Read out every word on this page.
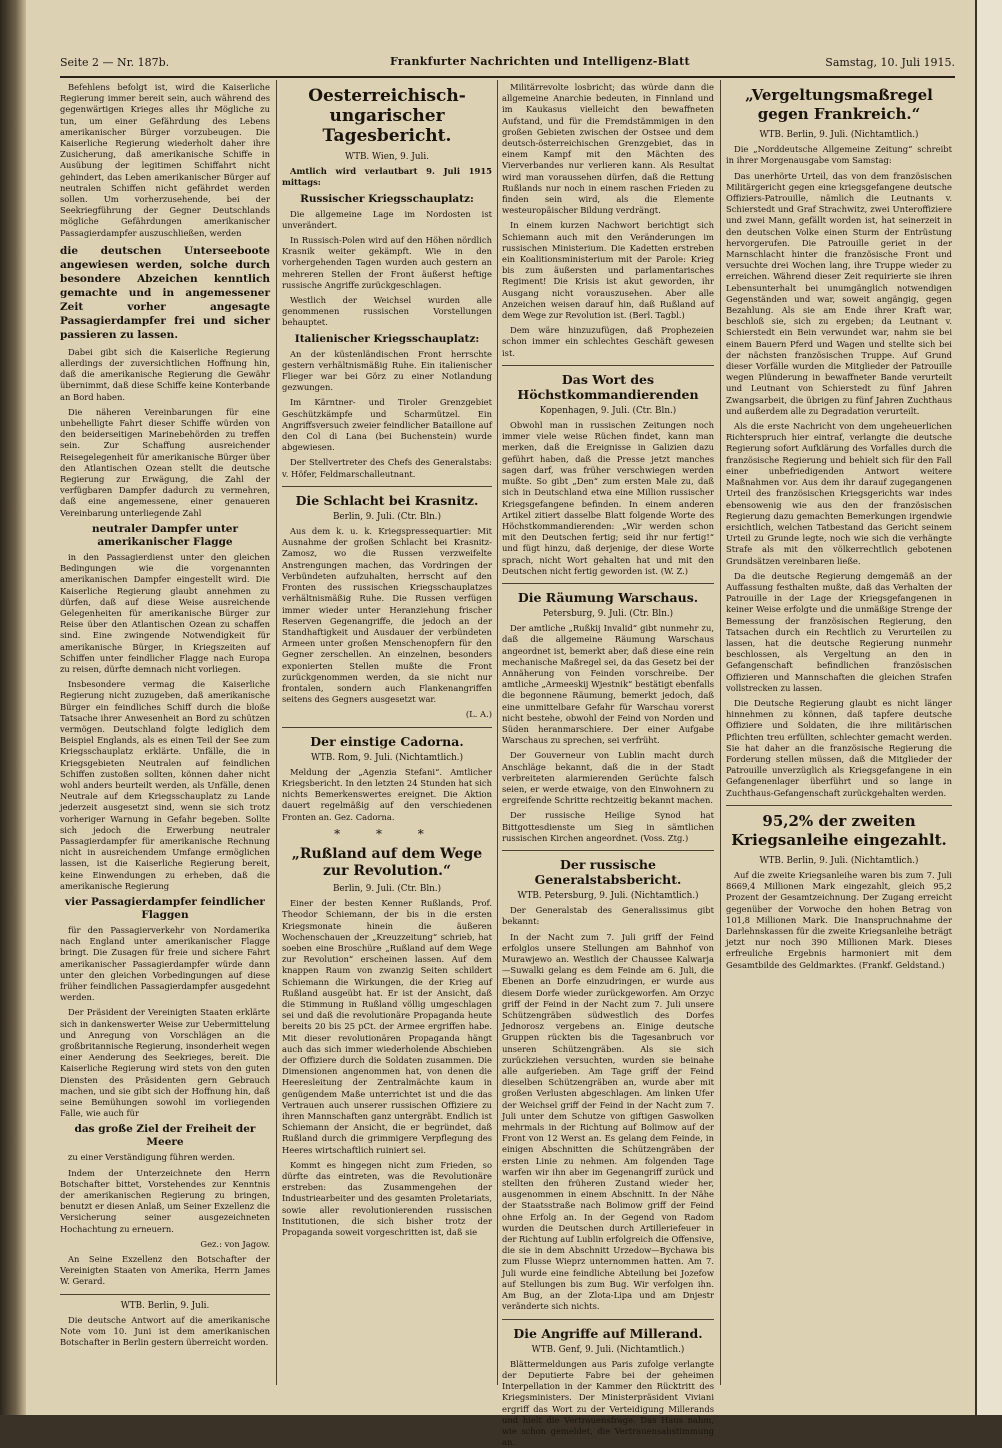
Seite 2 — Nr. 187b.	Frankfurter Nachrichten und Intelligenz-Blatt	Samstag, 10. Juli 1915.

Befehlens befolgt ist, wird die Kaiserliche Regierung immer bereit sein, auch während des gegenwärtigen Krieges alles ihr Mögliche zu tun, um einer Gefährdung des Lebens amerikanischer Bürger vorzubeugen. Die Kaiserliche Regierung wiederholt daher ihre Zusicherung, daß amerikanische Schiffe in Ausübung der legitimen Schiffahrt nicht gehindert, das Leben amerikanischer Bürger auf neutralen Schiffen nicht gefährdet werden sollen. Um vorherzusehende, bei der Seekriegführung der Gegner Deutschlands mögliche Gefährdungen amerikanischer Passagierdampfer auszuschließen, werden

die deutschen Unterseeboote angewiesen werden, solche durch besondere Abzeichen kenntlich gemachte und in angemessener Zeit vorher angesagte Passagierdampfer frei und sicher passieren zu lassen.

Dabei gibt sich die Kaiserliche Regierung allerdings der zuversichtlichen Hoffnung hin, daß die amerikanische Regierung die Gewähr übernimmt, daß diese Schiffe keine Konterbande an Bord haben.

Die näheren Vereinbarungen für eine unbehelligte Fahrt dieser Schiffe würden von den beiderseitigen Marinebehörden zu treffen sein. Zur Schaffung ausreichender Reisegelegenheit für amerikanische Bürger über den Atlantischen Ozean stellt die deutsche Regierung zur Erwägung, die Zahl der verfügbaren Dampfer dadurch zu vermehren, daß eine angemessene, einer genaueren Vereinbarung unterliegende Zahl

neutraler Dampfer unter amerikanischer Flagge

in den Passagierdienst unter den gleichen Bedingungen wie die vorgenannten amerikanischen Dampfer eingestellt wird. Die Kaiserliche Regierung glaubt annehmen zu dürfen, daß auf diese Weise ausreichende Gelegenheiten für amerikanische Bürger zur Reise über den Atlantischen Ozean zu schaffen sind. Eine zwingende Notwendigkeit für amerikanische Bürger, in Kriegszeiten auf Schiffen unter feindlicher Flagge nach Europa zu reisen, dürfte demnach nicht vorliegen.

Insbesondere vermag die Kaiserliche Regierung nicht zuzugeben, daß amerikanische Bürger ein feindliches Schiff durch die bloße Tatsache ihrer Anwesenheit an Bord zu schützen vermögen. Deutschland folgte lediglich dem Beispiel Englands, als es einen Teil der See zum Kriegsschauplatz erklärte. Unfälle, die in Kriegsgebieten Neutralen auf feindlichen Schiffen zustoßen sollten, können daher nicht wohl anders beurteilt werden, als Unfälle, denen Neutrale auf dem Kriegsschauplatz zu Lande jederzeit ausgesetzt sind, wenn sie sich trotz vorheriger Warnung in Gefahr begeben. Sollte sich jedoch die Erwerbung neutraler Passagierdampfer für amerikanische Rechnung nicht in ausreichendem Umfange ermöglichen lassen, ist die Kaiserliche Regierung bereit, keine Einwendungen zu erheben, daß die amerikanische Regierung

vier Passagierdampfer feindlicher Flaggen

für den Passagierverkehr von Nordamerika nach England unter amerikanischer Flagge bringt. Die Zusagen für freie und sichere Fahrt amerikanischer Passagierdampfer würde dann unter den gleichen Vorbedingungen auf diese früher feindlichen Passagierdampfer ausgedehnt werden.

Der Präsident der Vereinigten Staaten erklärte sich in dankenswerter Weise zur Uebermittelung und Anregung von Vorschlägen an die großbritannische Regierung, insonderheit wegen einer Aenderung des Seekrieges, bereit. Die Kaiserliche Regierung wird stets von den guten Diensten des Präsidenten gern Gebrauch machen, und sie gibt sich der Hoffnung hin, daß seine Bemühungen sowohl im vorliegenden Falle, wie auch für

das große Ziel der Freiheit der Meere

zu einer Verständigung führen werden.

Indem der Unterzeichnete den Herrn Botschafter bittet, Vorstehendes zur Kenntnis der amerikanischen Regierung zu bringen, benutzt er diesen Anlaß, um Seiner Exzellenz die Versicherung seiner ausgezeichneten Hochachtung zu erneuern.

Gez.: von Jagow.

An Seine Exzellenz den Botschafter der Vereinigten Staaten von Amerika, Herrn James W. Gerard.

WTB. Berlin, 9. Juli.

Die deutsche Antwort auf die amerikanische Note vom 10. Juni ist dem amerikanischen Botschafter in Berlin gestern überreicht worden.

Oesterreichisch-ungarischer Tagesbericht.
WTB. Wien, 9. Juli.

Amtlich wird verlautbart 9. Juli 1915 mittags:

Russischer Kriegsschauplatz:

Die allgemeine Lage im Nordosten ist unverändert.

In Russisch-Polen wird auf den Höhen nördlich Krasnik weiter gekämpft. Wie in den vorhergehenden Tagen wurden auch gestern an mehreren Stellen der Front äußerst heftige russische Angriffe zurückgeschlagen.

Westlich der Weichsel wurden alle genommenen russischen Vorstellungen behauptet.

Italienischer Kriegsschauplatz:

An der küstenländischen Front herrschte gestern verhältnismäßig Ruhe. Ein italienischer Flieger war bei Görz zu einer Notlandung gezwungen.

Im Kärntner- und Tiroler Grenzgebiet Geschützkämpfe und Scharmützel. Ein Angriffsversuch zweier feindlicher Bataillone auf den Col di Lana (bei Buchenstein) wurde abgewiesen.

Der Stellvertreter des Chefs des Generalstabs: v. Höfer, Feldmarschalleutnant.

Die Schlacht bei Krasnitz.
Berlin, 9. Juli. (Ctr. Bln.)

Aus dem k. u. k. Kriegspressequartier: Mit Ausnahme der großen Schlacht bei Krasnitz-Zamosz, wo die Russen verzweifelte Anstrengungen machen, das Vordringen der Verbündeten aufzuhalten, herrscht auf den Fronten des russischen Kriegsschauplatzes verhältnismäßig Ruhe. Die Russen verfügen immer wieder unter Heranziehung frischer Reserven Gegenangriffe, die jedoch an der Standhaftigkeit und Ausdauer der verbündeten Armeen unter großen Menschenopfern für den Gegner zerschellen. An einzelnen, besonders exponierten Stellen mußte die Front zurückgenommen werden, da sie nicht nur frontalen, sondern auch Flankenangriffen seitens des Gegners ausgesetzt war.

(L. A.)
Der einstige Cadorna.
WTB. Rom, 9. Juli. (Nichtamtlich.)

Meldung der „Agenzia Stefani“. Amtlicher Kriegsbericht. In den letzten 24 Stunden hat sich nichts Bemerkenswertes ereignet. Die Aktion dauert regelmäßig auf den verschiedenen Fronten an. Gez. Cadorna.

* * *
„Rußland auf dem Wege zur Revolution.“
Berlin, 9. Juli. (Ctr. Bln.)

Einer der besten Kenner Rußlands, Prof. Theodor Schiemann, der bis in die ersten Kriegsmonate hinein die äußeren Wochenschauen der „Kreuzzeitung“ schrieb, hat soeben eine Broschüre „Rußland auf dem Wege zur Revolution“ erscheinen lassen. Auf dem knappen Raum von zwanzig Seiten schildert Schiemann die Wirkungen, die der Krieg auf Rußland ausgeübt hat. Er ist der Ansicht, daß die Stimmung in Rußland völlig umgeschlagen sei und daß die revolutionäre Propaganda heute bereits 20 bis 25 pCt. der Armee ergriffen habe. Mit dieser revolutionären Propaganda hängt auch das sich immer wiederholende Abschieben der Offiziere durch die Soldaten zusammen. Die Dimensionen angenommen hat, von denen die Heeresleitung der Zentralmächte kaum in genügendem Maße unterrichtet ist und die das Vertrauen auch unserer russischen Offiziere zu ihren Mannschaften ganz untergräbt. Endlich ist Schiemann der Ansicht, die er begründet, daß Rußland durch die grimmigere Verpflegung des Heeres wirtschaftlich ruiniert sei.

Kommt es hingegen nicht zum Frieden, so dürfte das eintreten, was die Revolutionäre erstreben: das Zusammengehen der Industriearbeiter und des gesamten Proletariats, sowie aller revolutionierenden russischen Institutionen, die sich bisher trotz der Propaganda soweit vorgeschritten ist, daß sie

Militärrevolte losbricht; das würde dann die allgemeine Anarchie bedeuten, in Finnland und im Kaukasus vielleicht den bewaffneten Aufstand, und für die Fremdstämmigen in den großen Gebieten zwischen der Ostsee und dem deutsch-österreichischen Grenzgebiet, das in einem Kampf mit den Mächten des Vierverbandes nur verlieren kann. Als Resultat wird man voraussehen dürfen, daß die Rettung Rußlands nur noch in einem raschen Frieden zu finden sein wird, als die Elemente westeuropäischer Bildung verdrängt.

In einem kurzen Nachwort berichtigt sich Schiemann auch mit den Veränderungen im russischen Ministerium. Die Kadetten erstreben ein Koalitionsministerium mit der Parole: Krieg bis zum äußersten und parlamentarisches Regiment! Die Krisis ist akut geworden, ihr Ausgang nicht vorauszusehen. Aber alle Anzeichen weisen darauf hin, daß Rußland auf dem Wege zur Revolution ist. (Berl. Tagbl.)

Dem wäre hinzuzufügen, daß Prophezeien schon immer ein schlechtes Geschäft gewesen ist.

Das Wort des Höchstkommandierenden
Kopenhagen, 9. Juli. (Ctr. Bln.)

Obwohl man in russischen Zeitungen noch immer viele weise Rüchen findet, kann man merken, daß die Ereignisse in Galizien dazu geführt haben, daß die Presse jetzt manches sagen darf, was früher verschwiegen werden mußte. So gibt „Den“ zum ersten Male zu, daß sich in Deutschland etwa eine Million russischer Kriegsgefangene befinden. In einem anderen Artikel zitiert dasselbe Blatt folgende Worte des Höchstkommandierenden: „Wir werden schon mit den Deutschen fertig; seid ihr nur fertig!“ und fügt hinzu, daß derjenige, der diese Worte sprach, nicht Wort gehalten hat und mit den Deutschen nicht fertig geworden ist. (W. Z.)

Die Räumung Warschaus.
Petersburg, 9. Juli. (Ctr. Bln.)

Der amtliche „Rußkij Invalid“ gibt nunmehr zu, daß die allgemeine Räumung Warschaus angeordnet ist, bemerkt aber, daß diese eine rein mechanische Maßregel sei, da das Gesetz bei der Annäherung von Feinden vorschreibe. Der amtliche „Armeeskij Wjestnik“ bestätigt ebenfalls die begonnene Räumung, bemerkt jedoch, daß eine unmittelbare Gefahr für Warschau vorerst nicht bestehe, obwohl der Feind von Norden und Süden heranmarschiere. Der einer Aufgabe Warschaus zu sprechen, sei verfrüht.

Der Gouverneur von Lublin macht durch Anschläge bekannt, daß die in der Stadt verbreiteten alarmierenden Gerüchte falsch seien, er werde etwaige, von den Einwohnern zu ergreifende Schritte rechtzeitig bekannt machen.

Der russische Heilige Synod hat Bittgottesdienste um Sieg in sämtlichen russischen Kirchen angeordnet. (Voss. Ztg.)

Der russische Generalstabsbericht.
WTB. Petersburg, 9. Juli. (Nichtamtlich.)

Der Generalstab des Generalissimus gibt bekannt:

In der Nacht zum 7. Juli griff der Feind erfolglos unsere Stellungen am Bahnhof von Murawjewo an. Westlich der Chaussee Kalwarja—Suwalki gelang es dem Feinde am 6. Juli, die Ebenen an Dorfe einzudringen, er wurde aus diesem Dorfe wieder zurückgeworfen. Am Orzyc griff der Feind in der Nacht zum 7. Juli unsere Schützengräben südwestlich des Dorfes Jednorosz vergebens an. Einige deutsche Gruppen rückten bis die Tagesanbruch vor unseren Schützengräben. Als sie sich zurückziehen versuchten, wurden sie beinahe alle aufgerieben. Am Tage griff der Feind dieselben Schützengräben an, wurde aber mit großen Verlusten abgeschlagen. Am linken Ufer der Weichsel griff der Feind in der Nacht zum 7. Juli unter dem Schutze von giftigen Gaswolken mehrmals in der Richtung auf Bolimow auf der Front von 12 Werst an. Es gelang dem Feinde, in einigen Abschnitten die Schützengräben der ersten Linie zu nehmen. Am folgenden Tage warfen wir ihn aber im Gegenangriff zurück und stellten den früheren Zustand wieder her, ausgenommen in einem Abschnitt. In der Nähe der Staatsstraße nach Bolimow griff der Feind ohne Erfolg an. In der Gegend von Radom wurden die Deutschen durch Artilleriefeuer in der Richtung auf Lublin erfolgreich die Offensive, die sie in dem Abschnitt Urzedow—Bychawa bis zum Flusse Wieprz unternommen hatten. Am 7. Juli wurde eine feindliche Abteilung bei Jozefow auf Stellungen bis zum Bug. Wir verfolgen ihn. Am Bug, an der Zlota-Lipa und am Dnjestr veränderte sich nichts.

Die Angriffe auf Millerand.
WTB. Genf, 9. Juli. (Nichtamtlich.)

Blättermeldungen aus Paris zufolge verlangte der Deputierte Fabre bei der geheimen Interpellation in der Kammer den Rücktritt des Kriegsministers. Der Ministerpräsident Viviani ergriff das Wort zu der Verteidigung Millerands und hielt die Vertrauensfrage. Das Haus nahm, wie schon gemeldet, die Vertrauensabstimmung an.

„Vergeltungsmaßregel gegen Frankreich.“
WTB. Berlin, 9. Juli. (Nichtamtlich.)

Die „Norddeutsche Allgemeine Zeitung“ schreibt in ihrer Morgenausgabe vom Samstag:

Das unerhörte Urteil, das von dem französischen Militärgericht gegen eine kriegsgefangene deutsche Offiziers-Patrouille, nämlich die Leutnants v. Schierstedt und Graf Strachwitz, zwei Unteroffiziere und zwei Mann, gefällt worden ist, hat seinerzeit in den deutschen Volke einen Sturm der Entrüstung hervorgerufen. Die Patrouille geriet in der Marnschlacht hinter die französische Front und versuchte drei Wochen lang, ihre Truppe wieder zu erreichen. Während dieser Zeit requirierte sie ihren Lebensunterhalt bei unumgänglich notwendigen Gegenständen und war, soweit angängig, gegen Bezahlung. Als sie am Ende ihrer Kraft war, beschloß sie, sich zu ergeben; da Leutnant v. Schierstedt ein Bein verwundet war, nahm sie bei einem Bauern Pferd und Wagen und stellte sich bei der nächsten französischen Truppe. Auf Grund dieser Vorfälle wurden die Mitglieder der Patrouille wegen Plünderung in bewaffneter Bande verurteilt und Leutnant von Schierstedt zu fünf Jahren Zwangsarbeit, die übrigen zu fünf Jahren Zuchthaus und außerdem alle zu Degradation verurteilt.

Als die erste Nachricht von dem ungeheuerlichen Richterspruch hier eintraf, verlangte die deutsche Regierung sofort Aufklärung des Vorfalles durch die französische Regierung und behielt sich für den Fall einer unbefriedigenden Antwort weitere Maßnahmen vor. Aus dem ihr darauf zugegangenen Urteil des französischen Kriegsgerichts war indes ebensowenig wie aus den der französischen Regierung dazu gemachten Bemerkungen irgendwie ersichtlich, welchen Tatbestand das Gericht seinem Urteil zu Grunde legte, noch wie sich die verhängte Strafe als mit den völkerrechtlich gebotenen Grundsätzen vereinbaren ließe.

Da die deutsche Regierung demgemäß an der Auffassung festhalten mußte, daß das Verhalten der Patrouille in der Lage der Kriegsgefangenen in keiner Weise erfolgte und die unmäßige Strenge der Bemessung der französischen Regierung, den Tatsachen durch ein Rechtlich zu Verurteilen zu lassen, hat die deutsche Regierung nunmehr beschlossen, als Vergeltung an den in Gefangenschaft befindlichen französischen Offizieren und Mannschaften die gleichen Strafen vollstrecken zu lassen.

Die Deutsche Regierung glaubt es nicht länger hinnehmen zu können, daß tapfere deutsche Offiziere und Soldaten, die ihre militärischen Pflichten treu erfüllten, schlechter gemacht werden. Sie hat daher an die französische Regierung die Forderung stellen müssen, daß die Mitglieder der Patrouille unverzüglich als Kriegsgefangene in ein Gefangenenlager überführt und so lange in Zuchthaus-Gefangenschaft zurückgehalten werden.

95,2% der zweiten Kriegsanleihe eingezahlt.
WTB. Berlin, 9. Juli. (Nichtamtlich.)

Auf die zweite Kriegsanleihe waren bis zum 7. Juli 8669,4 Millionen Mark eingezahlt, gleich 95,2 Prozent der Gesamtzeichnung. Der Zugang erreicht gegenüber der Vorwoche den hohen Betrag von 101,8 Millionen Mark. Die Inanspruchnahme der Darlehnskassen für die zweite Kriegsanleihe beträgt jetzt nur noch 390 Millionen Mark. Dieses erfreuliche Ergebnis harmoniert mit dem Gesamtbilde des Geldmarktes. (Frankf. Geldstand.)
